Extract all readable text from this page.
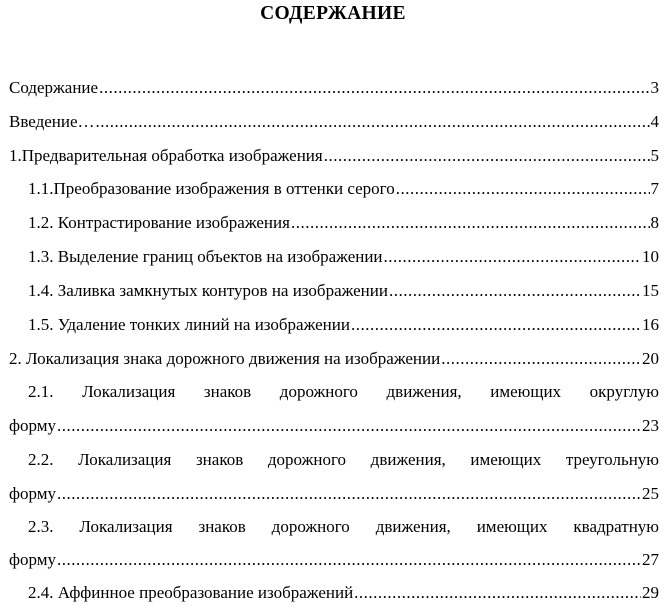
СОДЕРЖАНИЕ
Содержание .....	3
Введение… .....	4
1.Предварительная обработка изображения .....	5
1.1.Преобразование изображения в оттенки серого .....	7
1.2. Контрастирование изображения .....	8
1.3. Выделение границ объектов на изображении .....	10
1.4. Заливка замкнутых контуров на изображении .....	15
1.5. Удаление тонких линий на изображении .....	16
2. Локализация знака дорожного движения на изображении .....	20
2.1. Локализация знаков дорожного движения, имеющих округлую
форму .....	23
2.2. Локализация знаков дорожного движения, имеющих треугольную
форму .....	25
2.3. Локализация знаков дорожного движения, имеющих квадратную
форму .....	27
2.4. Аффинное преобразование изображений .....	29
